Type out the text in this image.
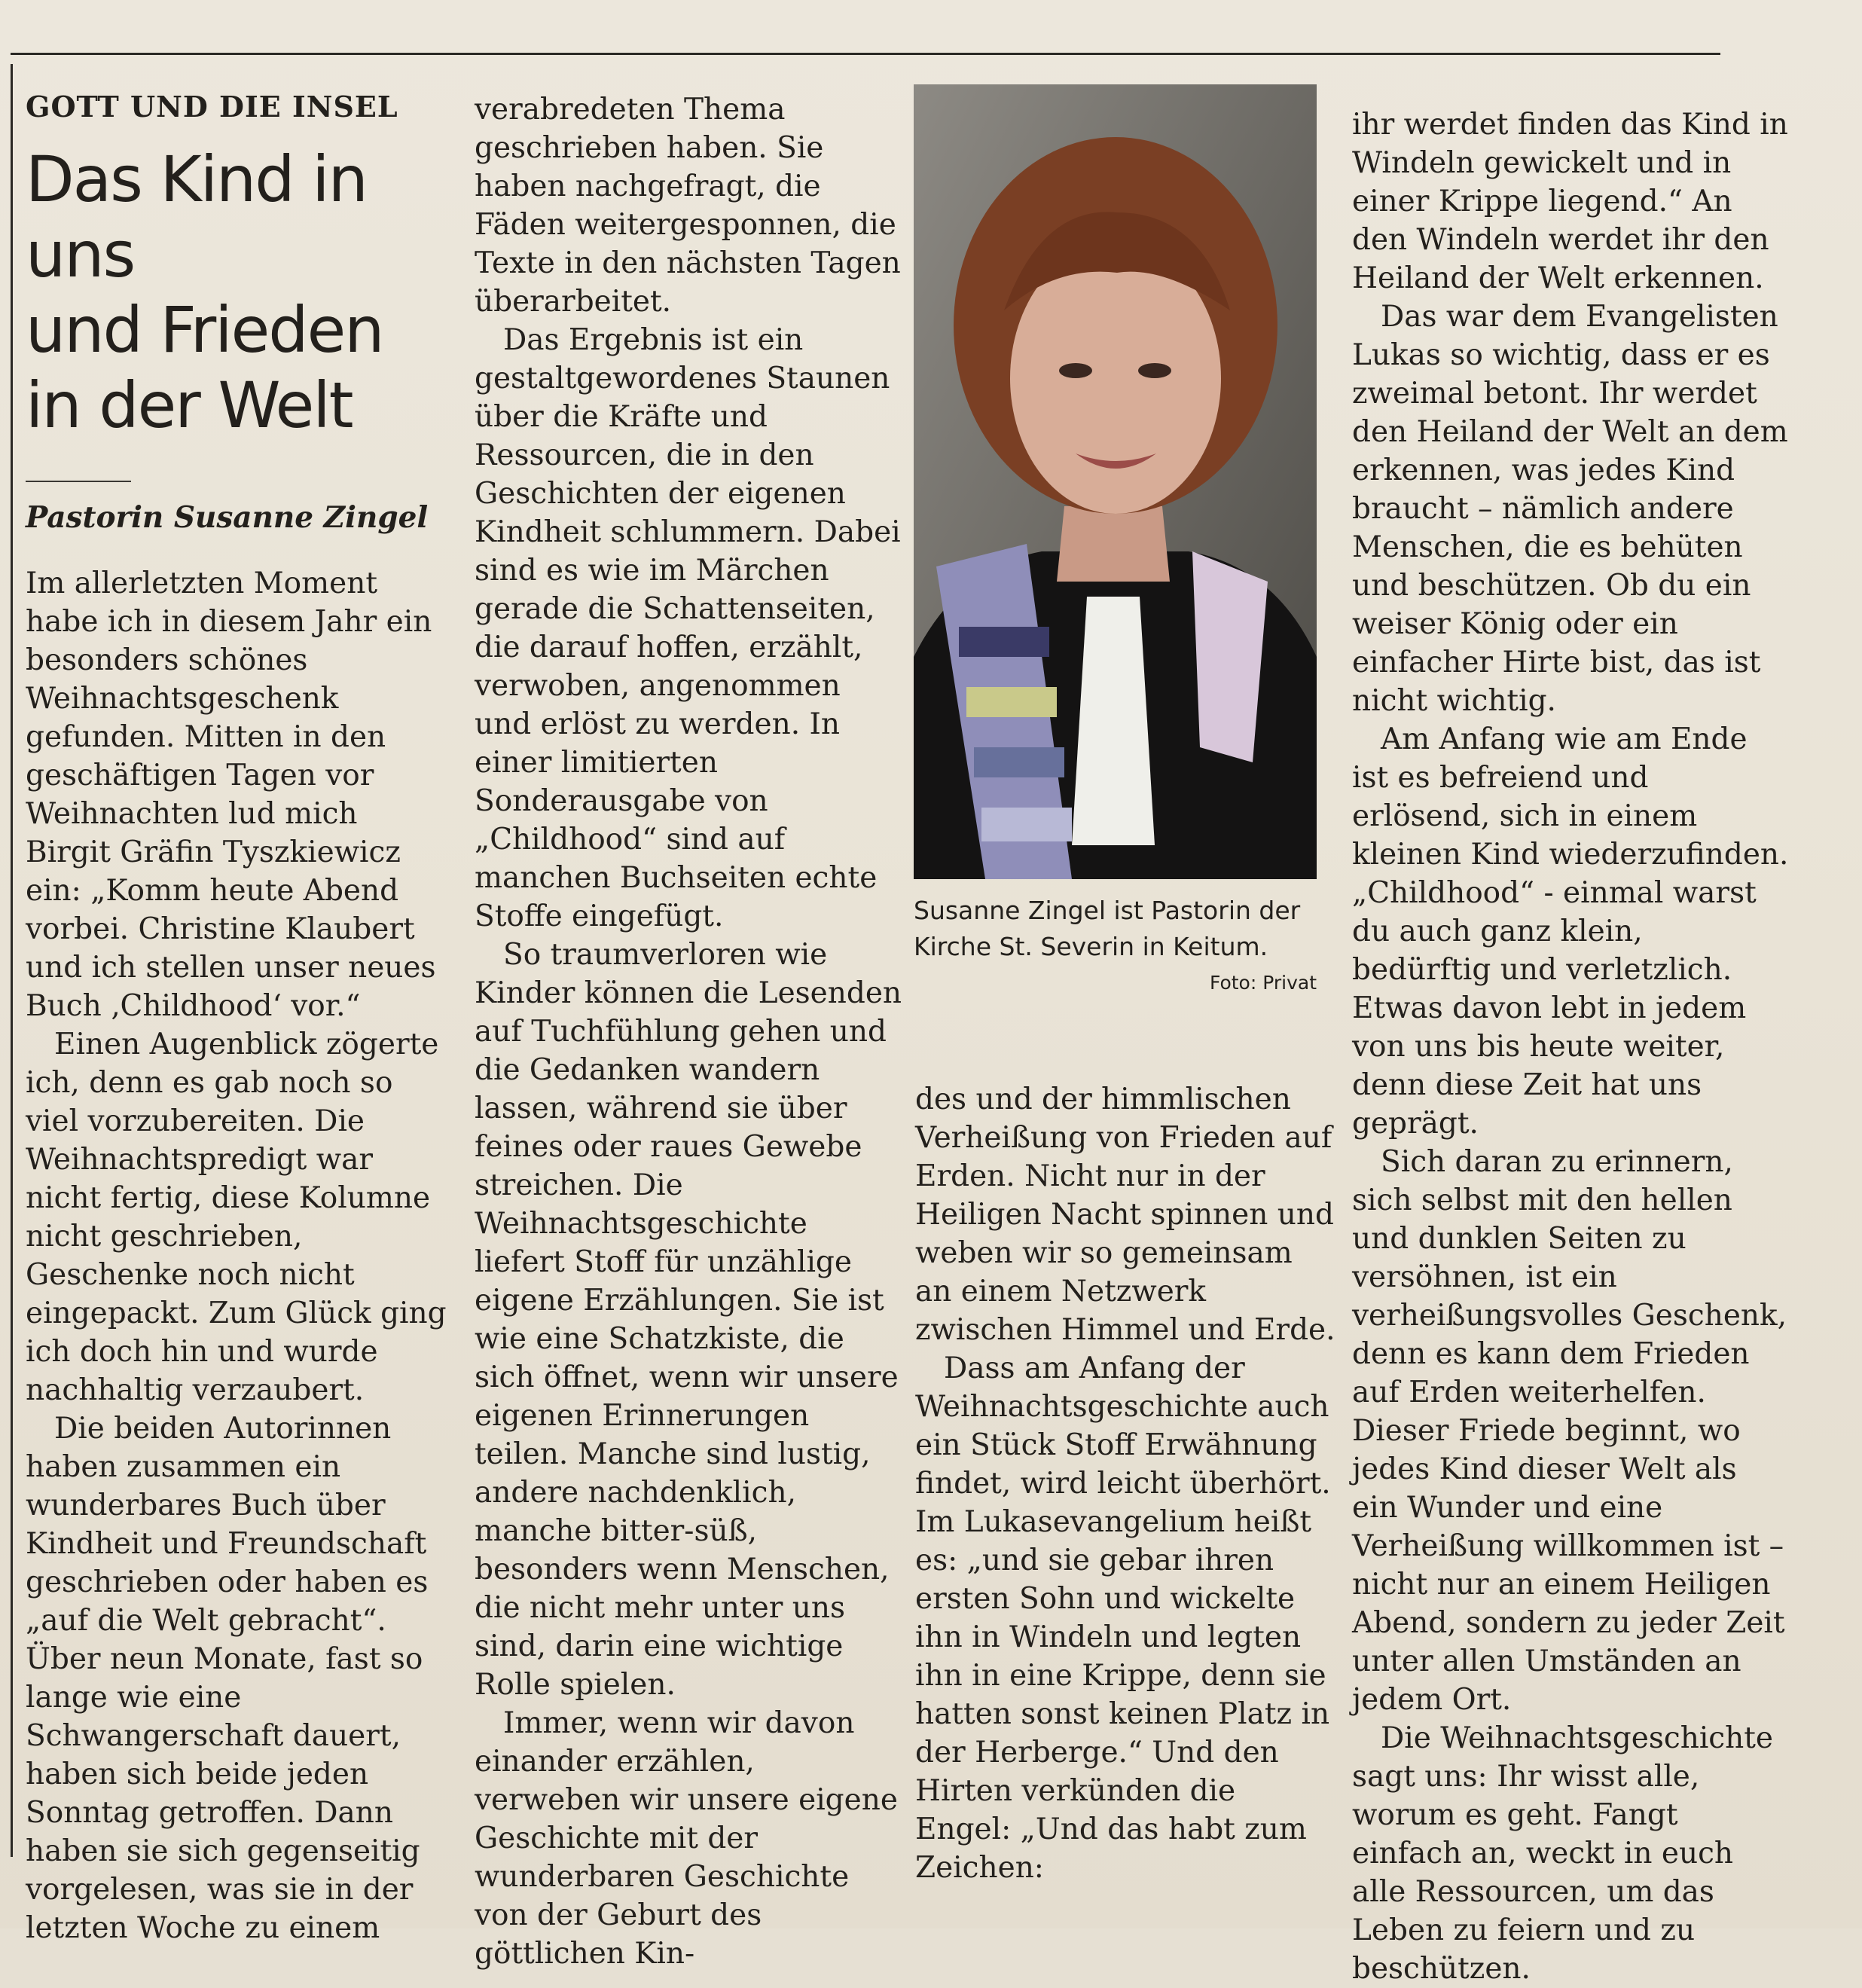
GOTT UND DIE INSEL
Das Kind in uns
und Frieden
in der Welt
Pastorin Susanne Zingel

Im allerletzten Moment habe ich in diesem Jahr ein besonders schönes Weihnachtsgeschenk gefunden. Mitten in den geschäftigen Tagen vor Weihnachten lud mich Birgit Gräfin Tyszkiewicz ein: „Komm heute Abend vorbei. Christine Klaubert und ich stellen unser neues Buch ‚Childhood‘ vor.“

Einen Augenblick zögerte ich, denn es gab noch so viel vorzubereiten. Die Weihnachtspredigt war nicht fertig, diese Kolumne nicht geschrieben, Geschenke noch nicht eingepackt. Zum Glück ging ich doch hin und wurde nachhaltig verzaubert.

Die beiden Autorinnen haben zusammen ein wunderbares Buch über Kindheit und Freundschaft geschrieben oder haben es „auf die Welt gebracht“. Über neun Monate, fast so lange wie eine Schwangerschaft dauert, haben sich beide jeden Sonntag getroffen. Dann haben sie sich gegenseitig vorgelesen, was sie in der letzten Woche zu einem

verabredeten Thema geschrieben haben. Sie haben nachgefragt, die Fäden weitergesponnen, die Texte in den nächsten Tagen überarbeitet.

Das Ergebnis ist ein gestaltgewordenes Staunen über die Kräfte und Ressourcen, die in den Geschichten der eigenen Kindheit schlummern. Dabei sind es wie im Märchen gerade die Schattenseiten, die darauf hoffen, erzählt, verwoben, angenommen und erlöst zu werden. In einer limitierten Sonderausgabe von „Childhood“ sind auf manchen Buchseiten echte Stoffe eingefügt.

So traumverloren wie Kinder können die Lesenden auf Tuchfühlung gehen und die Gedanken wandern lassen, während sie über feines oder raues Gewebe streichen. Die Weihnachtsgeschichte liefert Stoff für unzählige eigene Erzählungen. Sie ist wie eine Schatzkiste, die sich öffnet, wenn wir unsere eigenen Erinnerungen teilen. Manche sind lustig, andere nachdenklich, manche bitter-süß, besonders wenn Menschen, die nicht mehr unter uns sind, darin eine wichtige Rolle spielen.

Immer, wenn wir davon einander erzählen, verweben wir unsere eigene Geschichte mit der wunderbaren Geschichte von der Geburt des göttlichen Kin-

Susanne Zingel ist Pastorin der Kirche St. Severin in Keitum.
Foto: Privat

des und der himmlischen Verheißung von Frieden auf Erden. Nicht nur in der Heiligen Nacht spinnen und weben wir so gemeinsam an einem Netzwerk zwischen Himmel und Erde.

Dass am Anfang der Weihnachtsgeschichte auch ein Stück Stoff Erwähnung findet, wird leicht überhört. Im Lukasevangelium heißt es: „und sie gebar ihren ersten Sohn und wickelte ihn in Windeln und legten ihn in eine Krippe, denn sie hatten sonst keinen Platz in der Herberge.“ Und den Hirten verkünden die Engel: „Und das habt zum Zeichen:

ihr werdet finden das Kind in Windeln gewickelt und in einer Krippe liegend.“ An den Windeln werdet ihr den Heiland der Welt erkennen.

Das war dem Evangelisten Lukas so wichtig, dass er es zweimal betont. Ihr werdet den Heiland der Welt an dem erkennen, was jedes Kind braucht – nämlich andere Menschen, die es behüten und beschützen. Ob du ein weiser König oder ein einfacher Hirte bist, das ist nicht wichtig.

Am Anfang wie am Ende ist es befreiend und erlösend, sich in einem kleinen Kind wiederzufinden. „Childhood“ - einmal warst du auch ganz klein, bedürftig und verletzlich. Etwas davon lebt in jedem von uns bis heute weiter, denn diese Zeit hat uns geprägt.

Sich daran zu erinnern, sich selbst mit den hellen und dunklen Seiten zu versöhnen, ist ein verheißungsvolles Geschenk, denn es kann dem Frieden auf Erden weiterhelfen. Dieser Friede beginnt, wo jedes Kind dieser Welt als ein Wunder und eine Verheißung willkommen ist – nicht nur an einem Heiligen Abend, sondern zu jeder Zeit unter allen Umständen an jedem Ort.

Die Weihnachtsgeschichte sagt uns: Ihr wisst alle, worum es geht. Fangt einfach an, weckt in euch alle Ressourcen, um das Leben zu feiern und zu beschützen.
